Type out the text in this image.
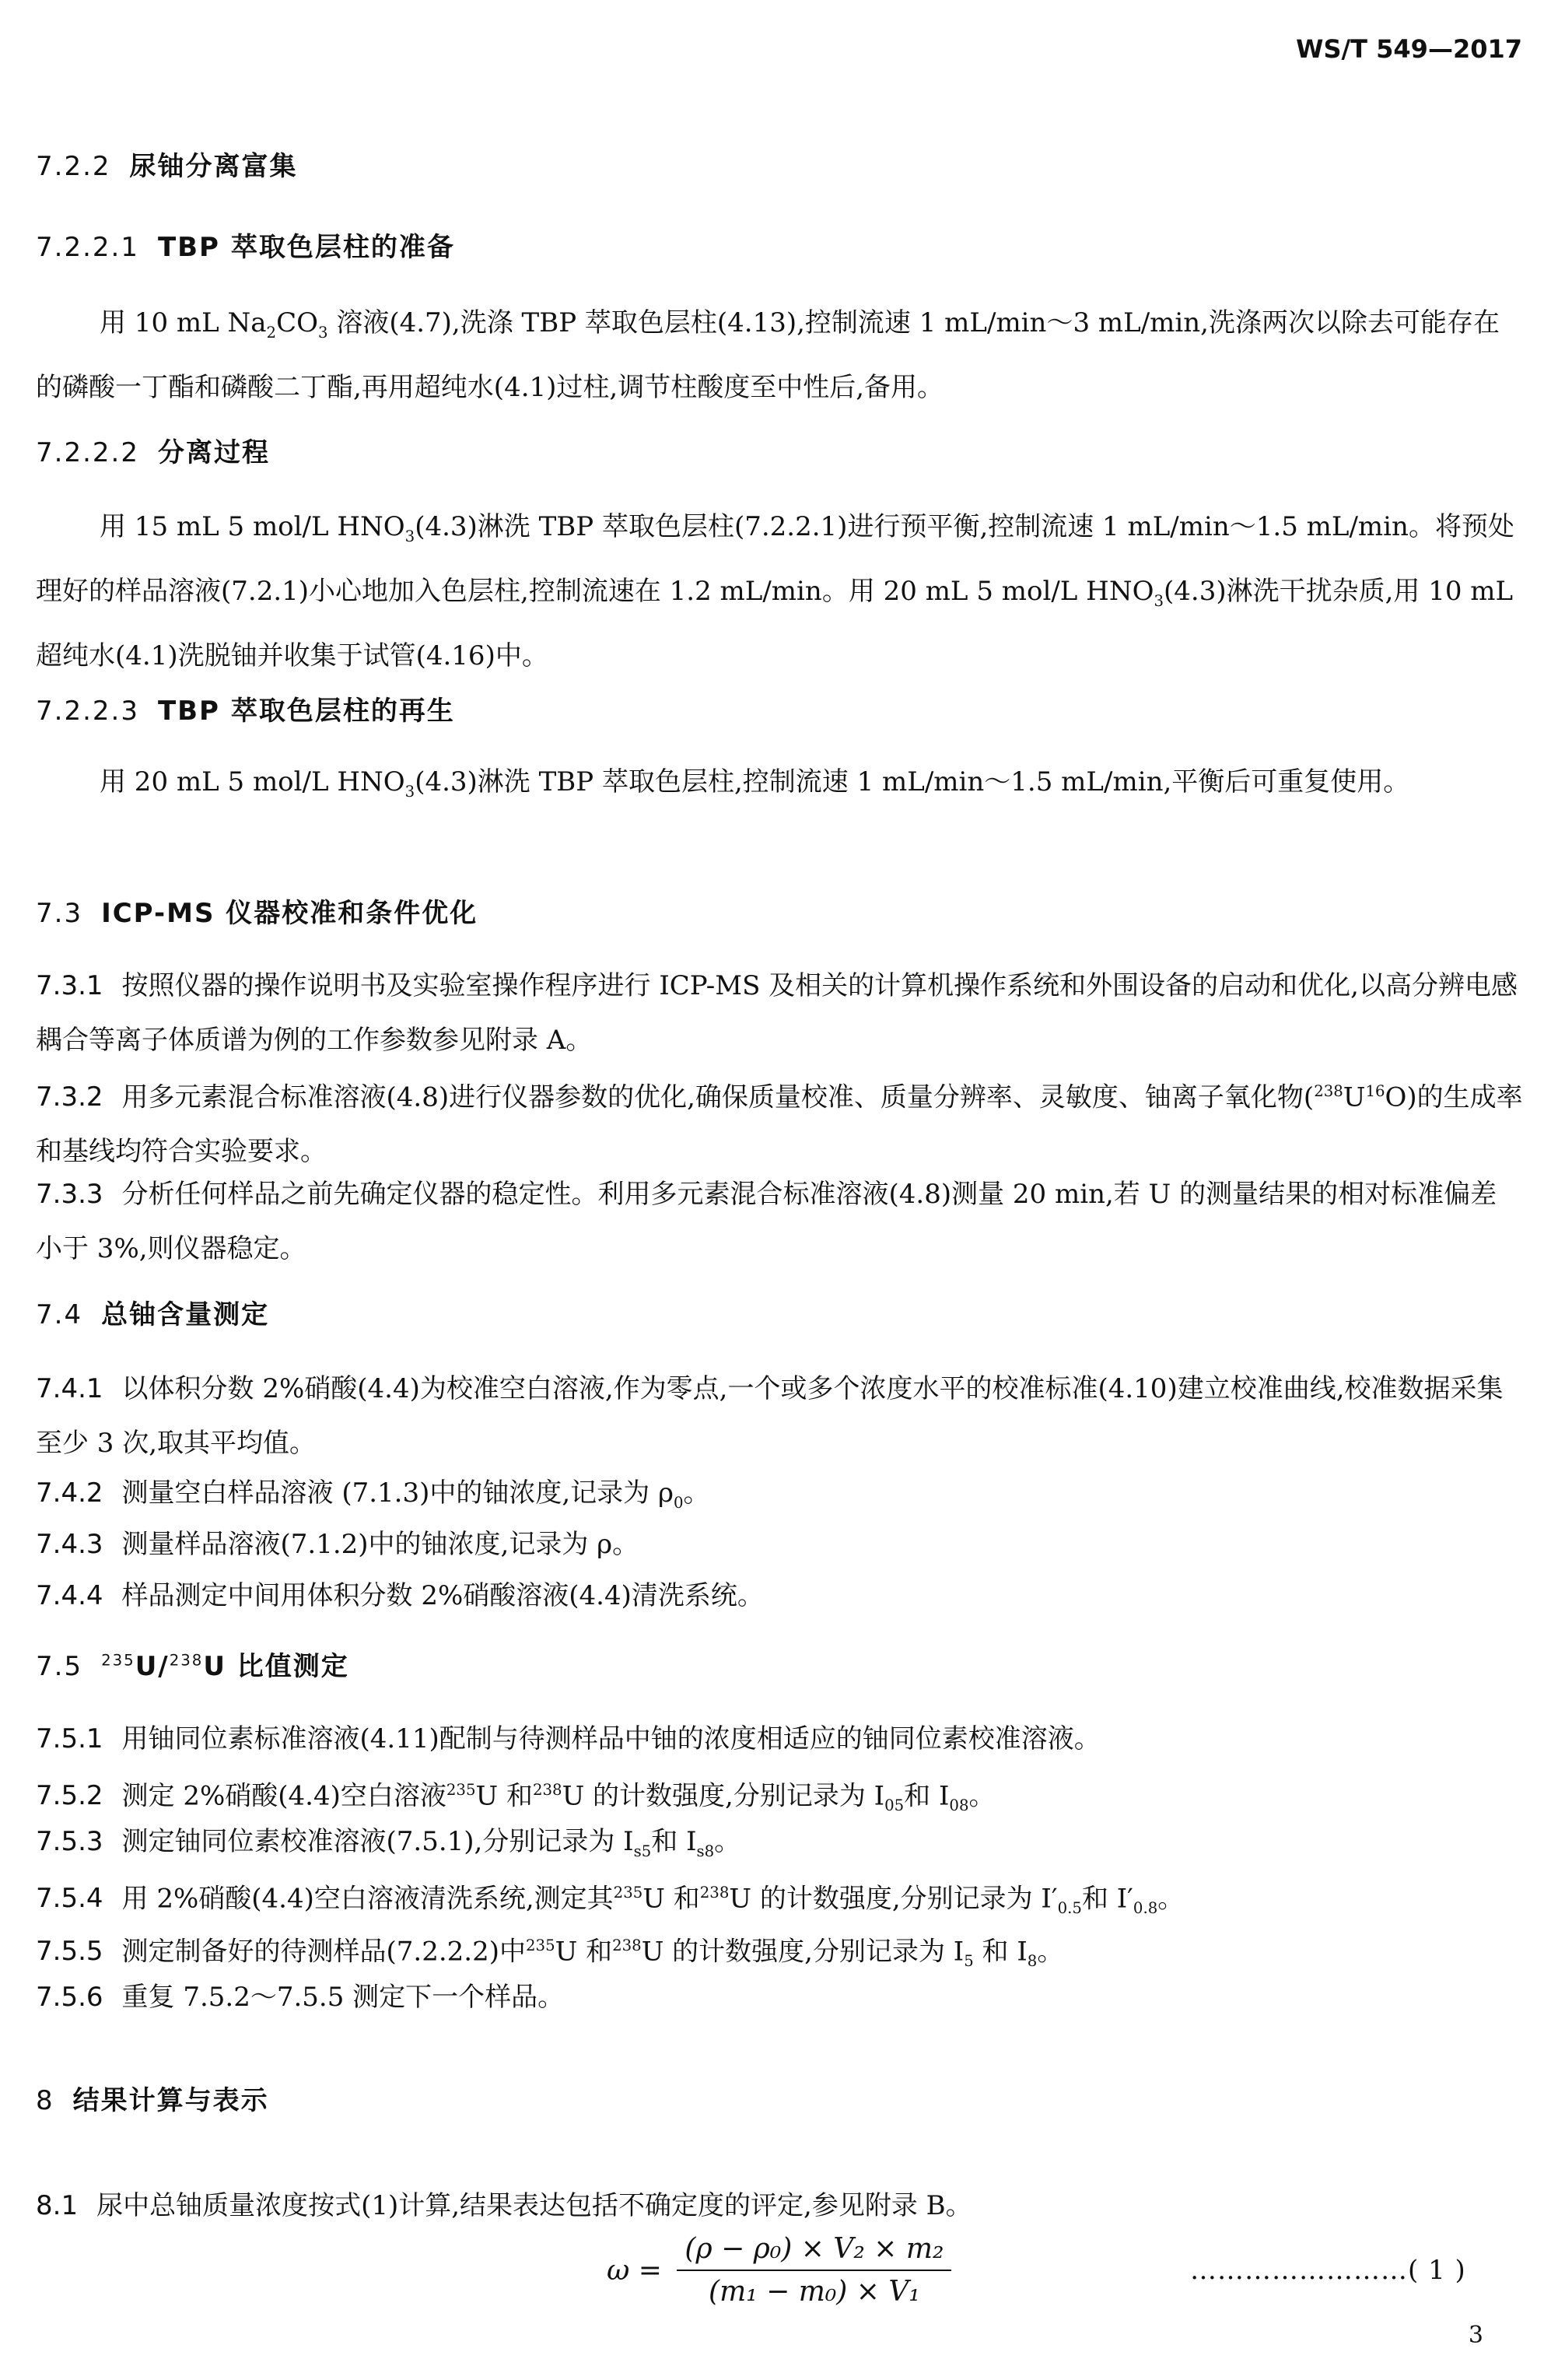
WS/T 549—2017
7.2.2 尿铀分离富集
7.2.2.1 TBP 萃取色层柱的准备
用 10 mL $Na_2CO_3$ 溶液(4.7),洗涤 TBP 萃取色层柱(4.13),控制流速 1 mL/min～3 mL/min,洗涤两次以除去可能存在的磷酸一丁酯和磷酸二丁酯,再用超纯水(4.1)过柱,调节柱酸度至中性后,备用。
7.2.2.2 分离过程
用 15 mL 5 mol/L $HNO_3(4.3)$淋洗 TBP 萃取色层柱(7.2.2.1)进行预平衡,控制流速 1 mL/min～1.5 mL/min。将预处理好的样品溶液(7.2.1)小心地加入色层柱,控制流速在 1.2 mL/min。用 20 mL 5 mol/L $HNO_3(4.3)$淋洗干扰杂质,用 10 mL 超纯水(4.1)洗脱铀并收集于试管(4.16)中。
7.2.2.3 TBP 萃取色层柱的再生
用 20 mL 5 mol/L $HNO_3(4.3)$淋洗 TBP 萃取色层柱,控制流速 1 mL/min～1.5 mL/min,平衡后可重复使用。
7.3 ICP-MS 仪器校准和条件优化
7.3.1 按照仪器的操作说明书及实验室操作程序进行 ICP-MS 及相关的计算机操作系统和外围设备的启动和优化,以高分辨电感耦合等离子体质谱为例的工作参数参见附录 A。
7.3.2 用多元素混合标准溶液(4.8)进行仪器参数的优化,确保质量校准、质量分辨率、灵敏度、铀离子氧化物$(^{238}U^{16}O)$的生成率和基线均符合实验要求。
7.3.3 分析任何样品之前先确定仪器的稳定性。利用多元素混合标准溶液(4.8)测量 20 min,若 U 的测量结果的相对标准偏差小于 3%,则仪器稳定。
7.4 总铀含量测定
7.4.1 以体积分数 2%硝酸(4.4)为校准空白溶液,作为零点,一个或多个浓度水平的校准标准(4.10)建立校准曲线,校准数据采集至少 3 次,取其平均值。
7.4.2 测量空白样品溶液 (7.1.3)中的铀浓度,记录为 $\rho_0$。
7.4.3 测量样品溶液(7.1.2)中的铀浓度,记录为 ρ。
7.4.4 样品测定中间用体积分数 2%硝酸溶液(4.4)清洗系统。
7.5 $^{235}$U/$^{238}$U 比值测定
7.5.1 用铀同位素标准溶液(4.11)配制与待测样品中铀的浓度相适应的铀同位素校准溶液。
7.5.2 测定 2%硝酸(4.4)空白溶液$^{235}$U 和$^{238}$U 的计数强度,分别记录为 $I_{05}$和 $I_{08}$。
7.5.3 测定铀同位素校准溶液(7.5.1),分别记录为 $I_{s5}$和 $I_{s8}$。
7.5.4 用 2%硝酸(4.4)空白溶液清洗系统,测定其$^{235}$U 和$^{238}$U 的计数强度,分别记录为 $I'_{0.5}$和 $I'_{0.8}$。
7.5.5 测定制备好的待测样品(7.2.2.2)中$^{235}$U 和$^{238}$U 的计数强度,分别记录为 $I_5$ 和 $I_8$。
7.5.6 重复 7.5.2～7.5.5 测定下一个样品。
8 结果计算与表示
8.1 尿中总铀质量浓度按式(1)计算,结果表达包括不确定度的评定,参见附录 B。
$\omega = \frac{\text{(ρ − ρ₀) × V₂ × m₂}}{\text{(m₁ − m₀) × V₁}}$	……………………( 1 )
3
